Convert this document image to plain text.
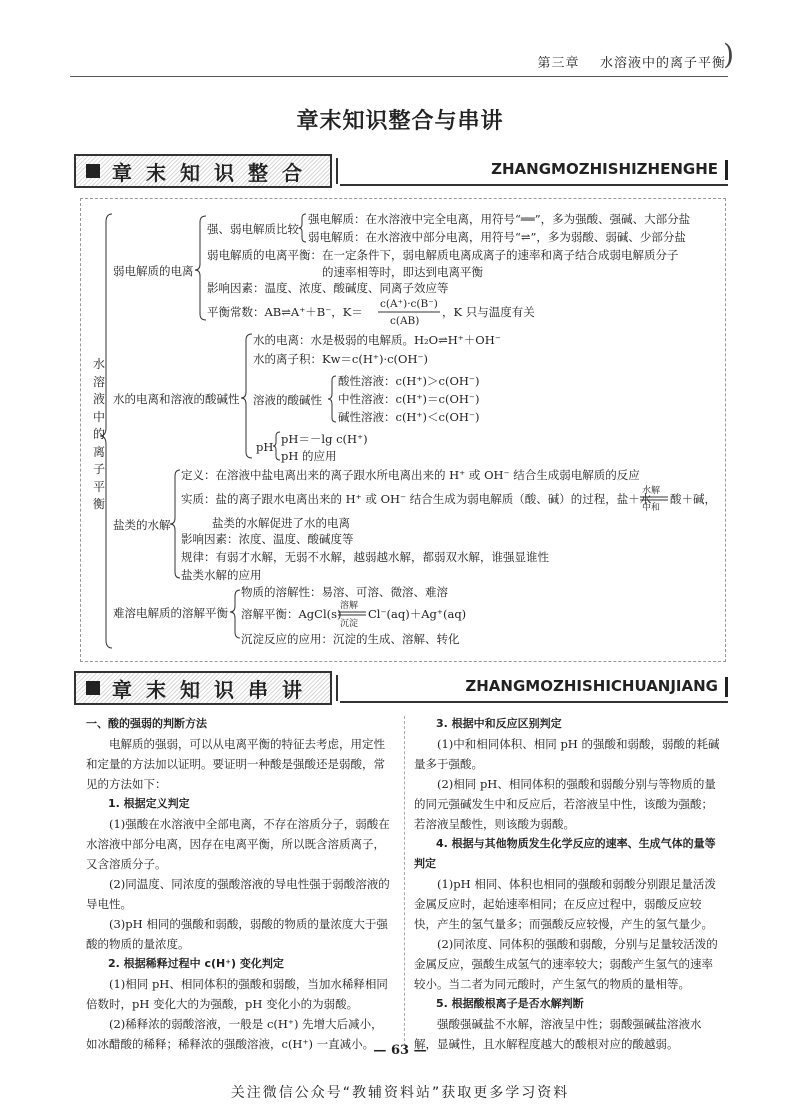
)
第三章 水溶液中的离子平衡
章末知识整合与串讲
章末知识整合	ZHANGMOZHISHIZHENGHE
水溶液中的离子平衡
弱电解质的电离
强、弱电解质比较
强电解质：在水溶液中完全电离，用符号“══”，多为强酸、强碱、大部分盐
弱电解质：在水溶液中部分电离，用符号“⇌”，多为弱酸、弱碱、少部分盐
弱电解质的电离平衡：在一定条件下，弱电解质电离成离子的速率和离子结合成弱电解质分子
的速率相等时，即达到电离平衡
影响因素：温度、浓度、酸碱度、同离子效应等
平衡常数：AB⇌A⁺＋B⁻，K＝
c(A⁺)·c(B⁻)
c(AB)
，K 只与温度有关
水的电离和溶液的酸碱性
水的电离：水是极弱的电解质。H₂O⇌H⁺＋OH⁻
水的离子积：Kw＝c(H⁺)·c(OH⁻)
溶液的酸碱性
酸性溶液：c(H⁺)＞c(OH⁻)
中性溶液：c(H⁺)＝c(OH⁻)
碱性溶液：c(H⁺)＜c(OH⁻)
pH
pH＝－lg c(H⁺)
pH 的应用
盐类的水解
定义：在溶液中盐电离出来的离子跟水所电离出来的 H⁺ 或 OH⁻ 结合生成弱电解质的反应
实质：盐的离子跟水电离出来的 H⁺ 或 OH⁻ 结合生成为弱电解质（酸、碱）的过程，盐＋水
水解
中和
酸＋碱，
盐类的水解促进了水的电离
影响因素：浓度、温度、酸碱度等
规律：有弱才水解，无弱不水解，越弱越水解，都弱双水解，谁强显谁性
盐类水解的应用
难溶电解质的溶解平衡
物质的溶解性：易溶、可溶、微溶、难溶
溶解平衡：AgCl(s)
溶解
沉淀
Cl⁻(aq)＋Ag⁺(aq)
沉淀反应的应用：沉淀的生成、溶解、转化
章末知识串讲	ZHANGMOZHISHICHUANJIANG
一、酸的强弱的判断方法
电解质的强弱，可以从电离平衡的特征去考虑，用定性和定量的方法加以证明。要证明一种酸是强酸还是弱酸，常见的方法如下：
1. 根据定义判定
(1)强酸在水溶液中全部电离，不存在溶质分子，弱酸在水溶液中部分电离，因存在电离平衡，所以既含溶质离子，又含溶质分子。
(2)同温度、同浓度的强酸溶液的导电性强于弱酸溶液的导电性。
(3)pH 相同的强酸和弱酸，弱酸的物质的量浓度大于强酸的物质的量浓度。
2. 根据稀释过程中 c(H⁺) 变化判定
(1)相同 pH、相同体积的强酸和弱酸，当加水稀释相同倍数时，pH 变化大的为强酸，pH 变化小的为弱酸。
(2)稀释浓的弱酸溶液，一般是 c(H⁺) 先增大后减小，如冰醋酸的稀释；稀释浓的强酸溶液，c(H⁺) 一直减小。
3. 根据中和反应区别判定
(1)中和相同体积、相同 pH 的强酸和弱酸，弱酸的耗碱量多于强酸。
(2)相同 pH、相同体积的强酸和弱酸分别与等物质的量的同元强碱发生中和反应后，若溶液呈中性，该酸为强酸；若溶液呈酸性，则该酸为弱酸。
4. 根据与其他物质发生化学反应的速率、生成气体的量等判定
(1)pH 相同、体积也相同的强酸和弱酸分别跟足量活泼金属反应时，起始速率相同；在反应过程中，弱酸反应较快，产生的氢气量多；而强酸反应较慢，产生的氢气量少。
(2)同浓度、同体积的强酸和弱酸，分别与足量较活泼的金属反应，强酸生成氢气的速率较大；弱酸产生氢气的速率较小。当二者为同元酸时，产生氢气的物质的量相等。
5. 根据酸根离子是否水解判断
强酸强碱盐不水解，溶液呈中性；弱酸强碱盐溶液水解，显碱性，且水解程度越大的酸根对应的酸越弱。
— 63 —
关注微信公众号“教辅资料站”获取更多学习资料
